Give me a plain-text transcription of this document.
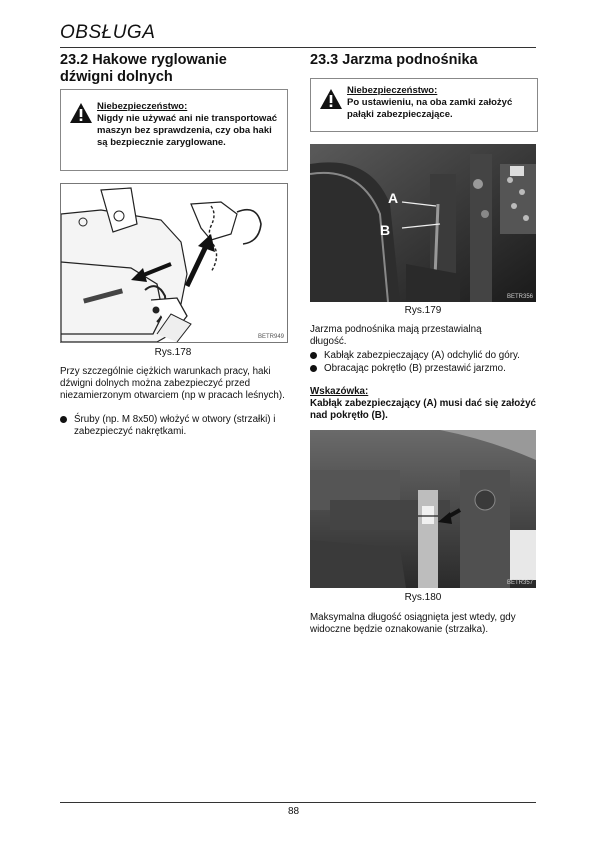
OBSŁUGA
23.2 Hakowe ryglowanie dźwigni dolnych
Niebezpieczeństwo:
Nigdy nie używać ani nie transportować maszyn bez sprawdzenia, czy oba haki są bezpiecznie zaryglowane.
BETR949
Rys.178
Przy szczególnie ciężkich warunkach pracy, haki dźwigni dolnych można zabezpieczyć przed niezamierzonym otwarciem (np w pracach leśnych).
Śruby (np. M 8x50) włożyć w otwory (strzałki) i zabezpieczyć nakrętkami.
23.3 Jarzma podnośnika
Niebezpieczeństwo:
Po ustawieniu, na oba zamki założyć pałąki zabezpieczające.
A
B
BETR356
Rys.179
Jarzma podnośnika mają przestawialną długość.
Kabłąk zabezpieczający (A) odchylić do góry.
Obracając pokrętło (B) przestawić jarzmo.
Wskazówka:
Kabłąk zabezpieczający (A) musi dać się założyć nad pokrętło (B).
BETR357
Rys.180
Maksymalna długość osiągnięta jest wtedy, gdy widoczne będzie oznakowanie (strzałka).
88
